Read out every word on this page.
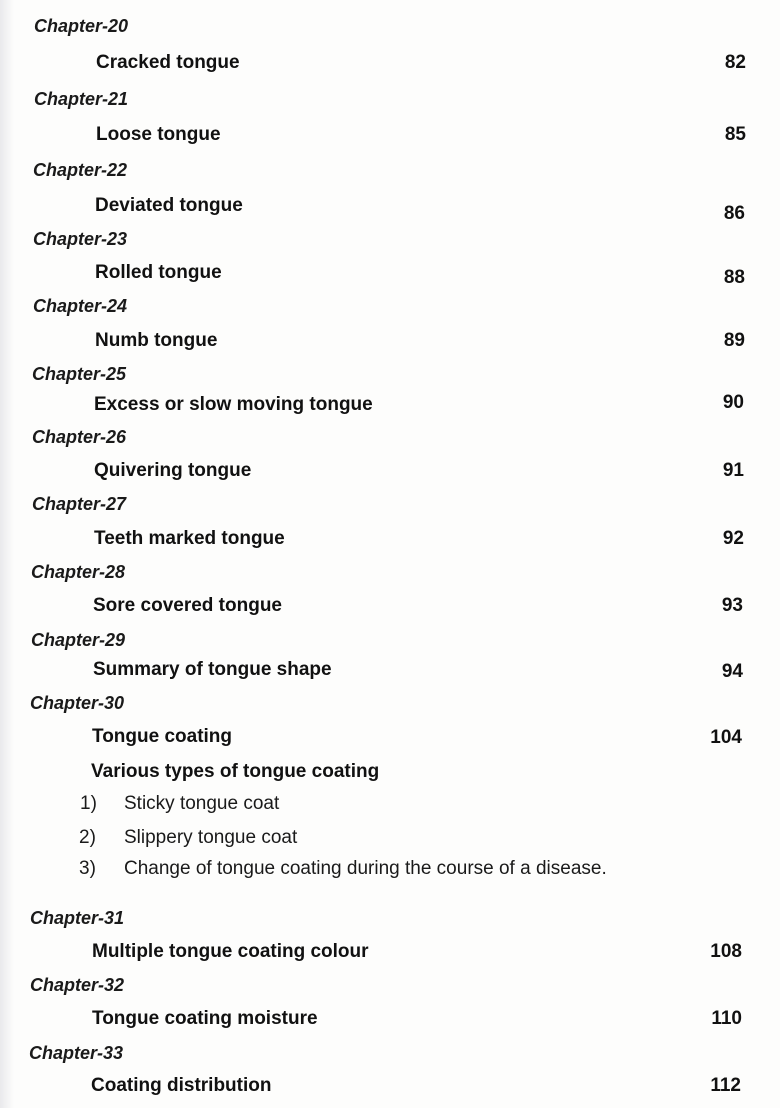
Chapter-20
Cracked tongue	82
Chapter-21
Loose tongue	85
Chapter-22
Deviated tongue	86
Chapter-23
Rolled tongue	88
Chapter-24
Numb tongue	89
Chapter-25
Excess or slow moving tongue	90
Chapter-26
Quivering tongue	91
Chapter-27
Teeth marked tongue	92
Chapter-28
Sore covered tongue	93
Chapter-29
Summary of tongue shape	94
Chapter-30
Tongue coating	104
Chapter-31
Multiple tongue coating colour	108
Chapter-32
Tongue coating moisture	110
Chapter-33
Coating distribution	112
Various types of tongue coating
1) Sticky tongue coat
2) Slippery tongue coat
3) Change of tongue coating during the course of a disease.
